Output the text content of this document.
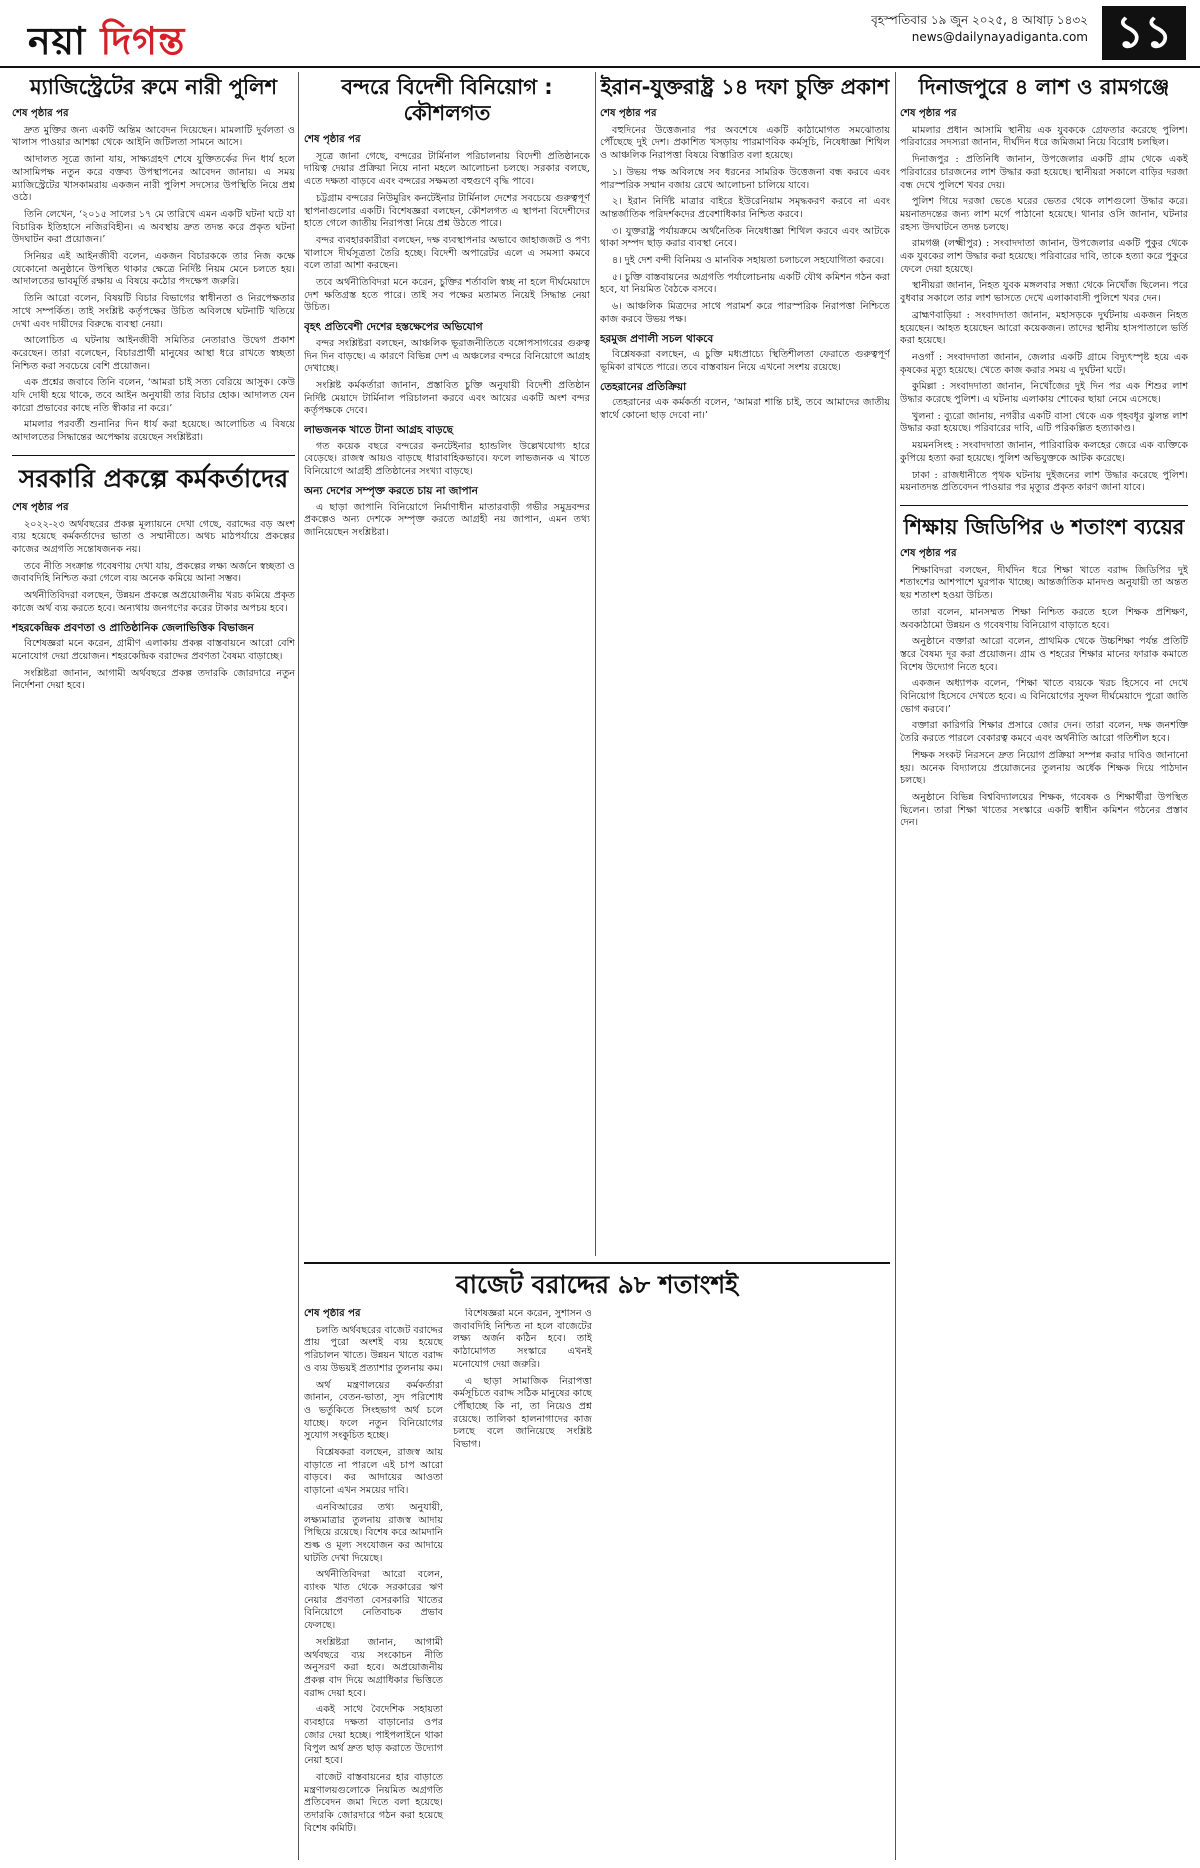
নয়া দিগন্ত	বৃহস্পতিবার ১৯ জুন ২০২৫, ৪ আষাঢ় ১৪৩২
news@dailynayadiganta.com ১১
ম্যাজিস্ট্রেটের রুমে নারী পুলিশ
শেষ পৃষ্ঠার পর

দ্রুত মুক্তির জন্য একটি অন্তিম আবেদন দিয়েছেন। মামলাটি দুর্বলতা ও খালাস পাওয়ার আশঙ্কা থেকে আইনি জটিলতা সামনে আসে।

আদালত সূত্রে জানা যায়, সাক্ষ্যগ্রহণ শেষে যুক্তিতর্কের দিন ধার্য হলে আসামিপক্ষ নতুন করে বক্তব্য উপস্থাপনের আবেদন জানায়। এ সময় ম্যাজিস্ট্রেটের খাসকামরায় একজন নারী পুলিশ সদস্যের উপস্থিতি নিয়ে প্রশ্ন ওঠে।

তিনি লেখেন, ‘২০১৫ সালের ১৭ মে তারিখে এমন একটি ঘটনা ঘটে যা বিচারিক ইতিহাসে নজিরবিহীন। এ অবস্থায় দ্রুত তদন্ত করে প্রকৃত ঘটনা উদঘাটন করা প্রয়োজন।’

সিনিয়র এই আইনজীবী বলেন, একজন বিচারককে তার নিজ কক্ষে যেকোনো অনুষ্ঠানে উপস্থিত থাকার ক্ষেত্রে নির্দিষ্ট নিয়ম মেনে চলতে হয়। আদালতের ভাবমূর্তি রক্ষায় এ বিষয়ে কঠোর পদক্ষেপ জরুরি।

তিনি আরো বলেন, বিষয়টি বিচার বিভাগের স্বাধীনতা ও নিরপেক্ষতার সাথে সম্পর্কিত। তাই সংশ্লিষ্ট কর্তৃপক্ষের উচিত অবিলম্বে ঘটনাটি খতিয়ে দেখা এবং দায়ীদের বিরুদ্ধে ব্যবস্থা নেয়া।

আলোচিত এ ঘটনায় আইনজীবী সমিতির নেতারাও উদ্বেগ প্রকাশ করেছেন। তারা বলেছেন, বিচারপ্রার্থী মানুষের আস্থা ধরে রাখতে স্বচ্ছতা নিশ্চিত করা সবচেয়ে বেশি প্রয়োজন।

এক প্রশ্নের জবাবে তিনি বলেন, ‘আমরা চাই সত্য বেরিয়ে আসুক। কেউ যদি দোষী হয়ে থাকে, তবে আইন অনুযায়ী তার বিচার হোক। আদালত যেন কারো প্রভাবের কাছে নতি স্বীকার না করে।’

মামলার পরবর্তী শুনানির দিন ধার্য করা হয়েছে। আলোচিত এ বিষয়ে আদালতের সিদ্ধান্তের অপেক্ষায় রয়েছেন সংশ্লিষ্টরা।

সরকারি প্রকল্পে কর্মকর্তাদের
শেষ পৃষ্ঠার পর

২০২২-২৩ অর্থবছরের প্রকল্প মূল্যায়নে দেখা গেছে, বরাদ্দের বড় অংশ ব্যয় হয়েছে কর্মকর্তাদের ভাতা ও সম্মানীতে। অথচ মাঠপর্যায়ে প্রকল্পের কাজের অগ্রগতি সন্তোষজনক নয়।

তবে নীতি সংক্রান্ত গবেষণায় দেখা যায়, প্রকল্পের লক্ষ্য অর্জনে স্বচ্ছতা ও জবাবদিহি নিশ্চিত করা গেলে ব্যয় অনেক কমিয়ে আনা সম্ভব।

অর্থনীতিবিদরা বলছেন, উন্নয়ন প্রকল্পে অপ্রয়োজনীয় খরচ কমিয়ে প্রকৃত কাজে অর্থ ব্যয় করতে হবে। অন্যথায় জনগণের করের টাকার অপচয় হবে।

শহরকেন্দ্রিক প্রবণতা ও প্রাতিষ্ঠানিক জেলাভিত্তিক বিভাজন

বিশেষজ্ঞরা মনে করেন, গ্রামীণ এলাকায় প্রকল্প বাস্তবায়নে আরো বেশি মনোযোগ দেয়া প্রয়োজন। শহরকেন্দ্রিক বরাদ্দের প্রবণতা বৈষম্য বাড়াচ্ছে।

সংশ্লিষ্টরা জানান, আগামী অর্থবছরে প্রকল্প তদারকি জোরদারে নতুন নির্দেশনা দেয়া হবে।

বন্দরে বিদেশী বিনিয়োগ : কৌশলগত
শেষ পৃষ্ঠার পর

সূত্রে জানা গেছে, বন্দরের টার্মিনাল পরিচালনায় বিদেশী প্রতিষ্ঠানকে দায়িত্ব দেয়ার প্রক্রিয়া নিয়ে নানা মহলে আলোচনা চলছে। সরকার বলছে, এতে দক্ষতা বাড়বে এবং বন্দরের সক্ষমতা বহুগুণে বৃদ্ধি পাবে।

চট্টগ্রাম বন্দরের নিউমুরিং কনটেইনার টার্মিনাল দেশের সবচেয়ে গুরুত্বপূর্ণ স্থাপনাগুলোর একটি। বিশেষজ্ঞরা বলছেন, কৌশলগত এ স্থাপনা বিদেশীদের হাতে গেলে জাতীয় নিরাপত্তা নিয়ে প্রশ্ন উঠতে পারে।

বন্দর ব্যবহারকারীরা বলছেন, দক্ষ ব্যবস্থাপনার অভাবে জাহাজজট ও পণ্য খালাসে দীর্ঘসূত্রতা তৈরি হচ্ছে। বিদেশী অপারেটর এলে এ সমস্যা কমবে বলে তারা আশা করছেন।

তবে অর্থনীতিবিদরা মনে করেন, চুক্তির শর্তাবলি স্বচ্ছ না হলে দীর্ঘমেয়াদে দেশ ক্ষতিগ্রস্ত হতে পারে। তাই সব পক্ষের মতামত নিয়েই সিদ্ধান্ত নেয়া উচিত।

বৃহৎ প্রতিবেশী দেশের হস্তক্ষেপের অভিযোগ

বন্দর সংশ্লিষ্টরা বলছেন, আঞ্চলিক ভূরাজনীতিতে বঙ্গোপসাগরের গুরুত্ব দিন দিন বাড়ছে। এ কারণে বিভিন্ন দেশ এ অঞ্চলের বন্দরে বিনিয়োগে আগ্রহ দেখাচ্ছে।

সংশ্লিষ্ট কর্মকর্তারা জানান, প্রস্তাবিত চুক্তি অনুযায়ী বিদেশী প্রতিষ্ঠান নির্দিষ্ট মেয়াদে টার্মিনাল পরিচালনা করবে এবং আয়ের একটি অংশ বন্দর কর্তৃপক্ষকে দেবে।

লাভজনক খাতে টানা আগ্রহ বাড়ছে

গত কয়েক বছরে বন্দরের কনটেইনার হ্যান্ডলিং উল্লেখযোগ্য হারে বেড়েছে। রাজস্ব আয়ও বাড়ছে ধারাবাহিকভাবে। ফলে লাভজনক এ খাতে বিনিয়োগে আগ্রহী প্রতিষ্ঠানের সংখ্যা বাড়ছে।

অন্য দেশের সম্পৃক্ত করতে চায় না জাপান

এ ছাড়া জাপানি বিনিয়োগে নির্মাণাধীন মাতারবাড়ী গভীর সমুদ্রবন্দর প্রকল্পেও অন্য দেশকে সম্পৃক্ত করতে আগ্রহী নয় জাপান, এমন তথ্য জানিয়েছেন সংশ্লিষ্টরা।

ইরান-যুক্তরাষ্ট্র ১৪ দফা চুক্তি প্রকাশ
শেষ পৃষ্ঠার পর

বহুদিনের উত্তেজনার পর অবশেষে একটি কাঠামোগত সমঝোতায় পৌঁছেছে দুই দেশ। প্রকাশিত খসড়ায় পারমাণবিক কর্মসূচি, নিষেধাজ্ঞা শিথিল ও আঞ্চলিক নিরাপত্তা বিষয়ে বিস্তারিত বলা হয়েছে।

১। উভয় পক্ষ অবিলম্বে সব ধরনের সামরিক উত্তেজনা বন্ধ করবে এবং পারস্পরিক সম্মান বজায় রেখে আলোচনা চালিয়ে যাবে।

২। ইরান নির্দিষ্ট মাত্রার বাইরে ইউরেনিয়াম সমৃদ্ধকরণ করবে না এবং আন্তর্জাতিক পরিদর্শকদের প্রবেশাধিকার নিশ্চিত করবে।

৩। যুক্তরাষ্ট্র পর্যায়ক্রমে অর্থনৈতিক নিষেধাজ্ঞা শিথিল করবে এবং আটকে থাকা সম্পদ ছাড় করার ব্যবস্থা নেবে।

৪। দুই দেশ বন্দী বিনিময় ও মানবিক সহায়তা চলাচলে সহযোগিতা করবে।

৫। চুক্তি বাস্তবায়নের অগ্রগতি পর্যালোচনায় একটি যৌথ কমিশন গঠন করা হবে, যা নিয়মিত বৈঠকে বসবে।

৬। আঞ্চলিক মিত্রদের সাথে পরামর্শ করে পারস্পরিক নিরাপত্তা নিশ্চিতে কাজ করবে উভয় পক্ষ।

হরমুজ প্রণালী সচল থাকবে

বিশ্লেষকরা বলছেন, এ চুক্তি মধ্যপ্রাচ্যে স্থিতিশীলতা ফেরাতে গুরুত্বপূর্ণ ভূমিকা রাখতে পারে। তবে বাস্তবায়ন নিয়ে এখনো সংশয় রয়েছে।

তেহরানের প্রতিক্রিয়া

তেহরানের এক কর্মকর্তা বলেন, ‘আমরা শান্তি চাই, তবে আমাদের জাতীয় স্বার্থে কোনো ছাড় দেবো না।’

দিনাজপুরে ৪ লাশ ও রামগঞ্জে
শেষ পৃষ্ঠার পর

মামলার প্রধান আসামি স্থানীয় এক যুবককে গ্রেফতার করেছে পুলিশ। পরিবারের সদস্যরা জানান, দীর্ঘদিন ধরে জমিজমা নিয়ে বিরোধ চলছিল।

দিনাজপুর : প্রতিনিধি জানান, উপজেলার একটি গ্রাম থেকে একই পরিবারের চারজনের লাশ উদ্ধার করা হয়েছে। স্থানীয়রা সকালে বাড়ির দরজা বন্ধ দেখে পুলিশে খবর দেয়।

পুলিশ গিয়ে দরজা ভেঙে ঘরের ভেতর থেকে লাশগুলো উদ্ধার করে। ময়নাতদন্তের জন্য লাশ মর্গে পাঠানো হয়েছে। থানার ওসি জানান, ঘটনার রহস্য উদঘাটনে তদন্ত চলছে।

রামগঞ্জ (লক্ষ্মীপুর) : সংবাদদাতা জানান, উপজেলার একটি পুকুর থেকে এক যুবকের লাশ উদ্ধার করা হয়েছে। পরিবারের দাবি, তাকে হত্যা করে পুকুরে ফেলে দেয়া হয়েছে।

স্থানীয়রা জানান, নিহত যুবক মঙ্গলবার সন্ধ্যা থেকে নিখোঁজ ছিলেন। পরে বুধবার সকালে তার লাশ ভাসতে দেখে এলাকাবাসী পুলিশে খবর দেন।

ব্রাহ্মণবাড়িয়া : সংবাদদাতা জানান, মহাসড়কে দুর্ঘটনায় একজন নিহত হয়েছেন। আহত হয়েছেন আরো কয়েকজন। তাদের স্থানীয় হাসপাতালে ভর্তি করা হয়েছে।

নওগাঁ : সংবাদদাতা জানান, জেলার একটি গ্রামে বিদ্যুৎস্পৃষ্ট হয়ে এক কৃষকের মৃত্যু হয়েছে। খেতে কাজ করার সময় এ দুর্ঘটনা ঘটে।

কুমিল্লা : সংবাদদাতা জানান, নিখোঁজের দুই দিন পর এক শিশুর লাশ উদ্ধার করেছে পুলিশ। এ ঘটনায় এলাকায় শোকের ছায়া নেমে এসেছে।

খুলনা : ব্যুরো জানায়, নগরীর একটি বাসা থেকে এক গৃহবধূর ঝুলন্ত লাশ উদ্ধার করা হয়েছে। পরিবারের দাবি, এটি পরিকল্পিত হত্যাকাণ্ড।

ময়মনসিংহ : সংবাদদাতা জানান, পারিবারিক কলহের জেরে এক ব্যক্তিকে কুপিয়ে হত্যা করা হয়েছে। পুলিশ অভিযুক্তকে আটক করেছে।

ঢাকা : রাজধানীতে পৃথক ঘটনায় দুইজনের লাশ উদ্ধার করেছে পুলিশ। ময়নাতদন্ত প্রতিবেদন পাওয়ার পর মৃত্যুর প্রকৃত কারণ জানা যাবে।

শিক্ষায় জিডিপির ৬ শতাংশ ব্যয়ের
শেষ পৃষ্ঠার পর

শিক্ষাবিদরা বলছেন, দীর্ঘদিন ধরে শিক্ষা খাতে বরাদ্দ জিডিপির দুই শতাংশের আশপাশে ঘুরপাক খাচ্ছে। আন্তর্জাতিক মানদণ্ড অনুযায়ী তা অন্তত ছয় শতাংশ হওয়া উচিত।

তারা বলেন, মানসম্মত শিক্ষা নিশ্চিত করতে হলে শিক্ষক প্রশিক্ষণ, অবকাঠামো উন্নয়ন ও গবেষণায় বিনিয়োগ বাড়াতে হবে।

অনুষ্ঠানে বক্তারা আরো বলেন, প্রাথমিক থেকে উচ্চশিক্ষা পর্যন্ত প্রতিটি স্তরে বৈষম্য দূর করা প্রয়োজন। গ্রাম ও শহরের শিক্ষার মানের ফারাক কমাতে বিশেষ উদ্যোগ নিতে হবে।

একজন অধ্যাপক বলেন, ‘শিক্ষা খাতে ব্যয়কে খরচ হিসেবে না দেখে বিনিয়োগ হিসেবে দেখতে হবে। এ বিনিয়োগের সুফল দীর্ঘমেয়াদে পুরো জাতি ভোগ করবে।’

বক্তারা কারিগরি শিক্ষার প্রসারে জোর দেন। তারা বলেন, দক্ষ জনশক্তি তৈরি করতে পারলে বেকারত্ব কমবে এবং অর্থনীতি আরো গতিশীল হবে।

শিক্ষক সংকট নিরসনে দ্রুত নিয়োগ প্রক্রিয়া সম্পন্ন করার দাবিও জানানো হয়। অনেক বিদ্যালয়ে প্রয়োজনের তুলনায় অর্ধেক শিক্ষক দিয়ে পাঠদান চলছে।

অনুষ্ঠানে বিভিন্ন বিশ্ববিদ্যালয়ের শিক্ষক, গবেষক ও শিক্ষার্থীরা উপস্থিত ছিলেন। তারা শিক্ষা খাতের সংস্কারে একটি স্বাধীন কমিশন গঠনের প্রস্তাব দেন।

বাজেট বরাদ্দের ৯৮ শতাংশই
শেষ পৃষ্ঠার পর

চলতি অর্থবছরের বাজেট বরাদ্দের প্রায় পুরো অংশই ব্যয় হয়েছে পরিচালন খাতে। উন্নয়ন খাতে বরাদ্দ ও ব্যয় উভয়ই প্রত্যাশার তুলনায় কম।

অর্থ মন্ত্রণালয়ের কর্মকর্তারা জানান, বেতন-ভাতা, সুদ পরিশোধ ও ভর্তুকিতে সিংহভাগ অর্থ চলে যাচ্ছে। ফলে নতুন বিনিয়োগের সুযোগ সংকুচিত হচ্ছে।

বিশ্লেষকরা বলছেন, রাজস্ব আয় বাড়াতে না পারলে এই চাপ আরো বাড়বে। কর আদায়ের আওতা বাড়ানো এখন সময়ের দাবি।

এনবিআরের তথ্য অনুযায়ী, লক্ষ্যমাত্রার তুলনায় রাজস্ব আদায় পিছিয়ে রয়েছে। বিশেষ করে আমদানি শুল্ক ও মূল্য সংযোজন কর আদায়ে ঘাটতি দেখা দিয়েছে।

অর্থনীতিবিদরা আরো বলেন, ব্যাংক খাত থেকে সরকারের ঋণ নেয়ার প্রবণতা বেসরকারি খাতের বিনিয়োগে নেতিবাচক প্রভাব ফেলছে।

সংশ্লিষ্টরা জানান, আগামী অর্থবছরে ব্যয় সংকোচন নীতি অনুসরণ করা হবে। অপ্রয়োজনীয় প্রকল্প বাদ দিয়ে অগ্রাধিকার ভিত্তিতে বরাদ্দ দেয়া হবে।

একই সাথে বৈদেশিক সহায়তা ব্যবহারে দক্ষতা বাড়ানোর ওপর জোর দেয়া হচ্ছে। পাইপলাইনে থাকা বিপুল অর্থ দ্রুত ছাড় করাতে উদ্যোগ নেয়া হবে।

বাজেট বাস্তবায়নের হার বাড়াতে মন্ত্রণালয়গুলোকে নিয়মিত অগ্রগতি প্রতিবেদন জমা দিতে বলা হয়েছে। তদারকি জোরদারে গঠন করা হয়েছে বিশেষ কমিটি।

বিশেষজ্ঞরা মনে করেন, সুশাসন ও জবাবদিহি নিশ্চিত না হলে বাজেটের লক্ষ্য অর্জন কঠিন হবে। তাই কাঠামোগত সংস্কারে এখনই মনোযোগ দেয়া জরুরি।

এ ছাড়া সামাজিক নিরাপত্তা কর্মসূচিতে বরাদ্দ সঠিক মানুষের কাছে পৌঁছাচ্ছে কি না, তা নিয়েও প্রশ্ন রয়েছে। তালিকা হালনাগাদের কাজ চলছে বলে জানিয়েছে সংশ্লিষ্ট বিভাগ।
